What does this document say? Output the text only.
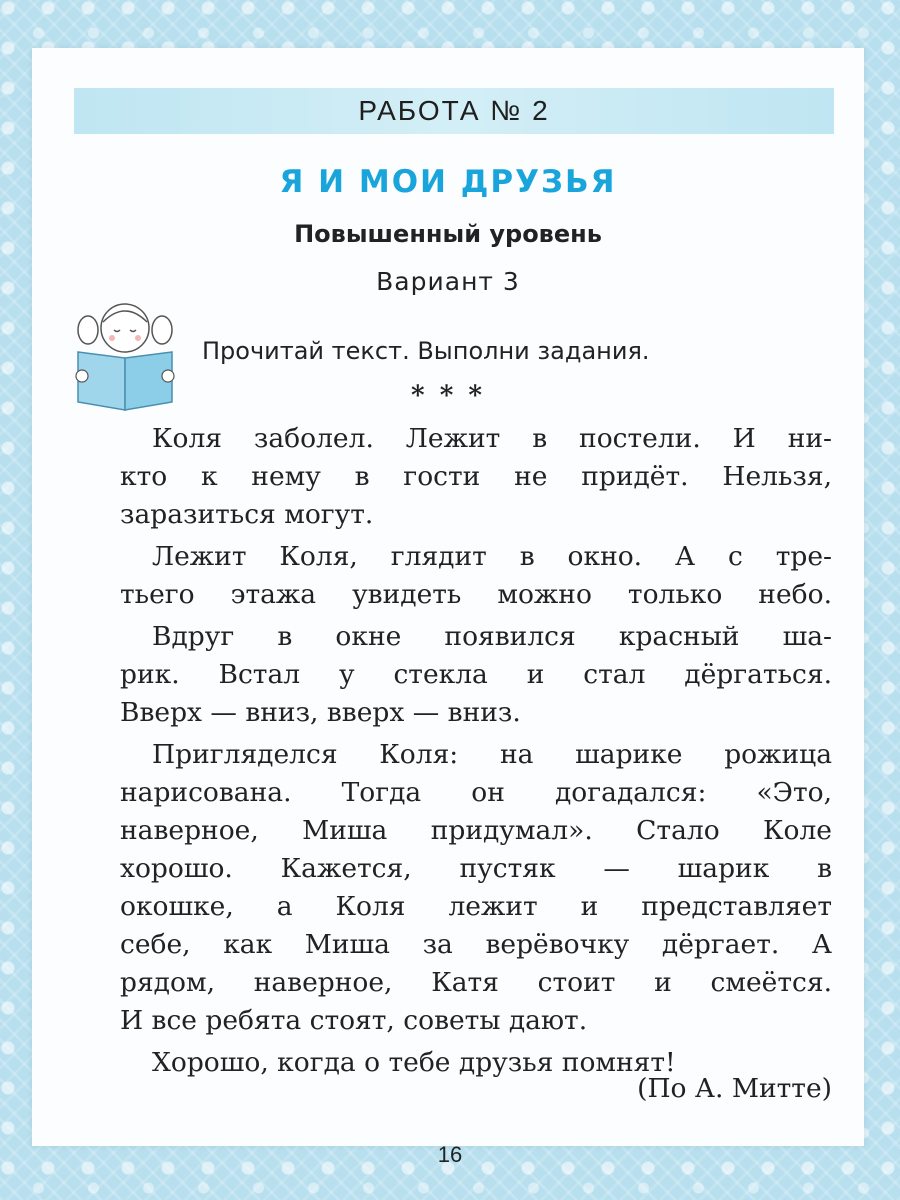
РАБОТА № 2
Я И МОИ ДРУЗЬЯ
Повышенный уровень
Вариант 3
Прочитай текст. Выполни задания.
* * *
Коля заболел. Лежит в постели. И ни-
кто к нему в гости не придёт. Нельзя,
заразиться могут.
Лежит Коля, глядит в окно. А с тре-
тьего этажа увидеть можно только небо.
Вдруг в окне появился красный ша-
рик. Встал у стекла и стал дёргаться.
Вверх — вниз, вверх — вниз.
Пригляделся Коля: на шарике рожица
нарисована. Тогда он догадался: «Это,
наверное, Миша придумал». Стало Коле
хорошо. Кажется, пустяк — шарик в
окошке, а Коля лежит и представляет
себе, как Миша за верёвочку дёргает. А
рядом, наверное, Катя стоит и смеётся.
И все ребята стоят, советы дают.
Хорошо, когда о тебе друзья помнят!
(По А. Митте)
16
